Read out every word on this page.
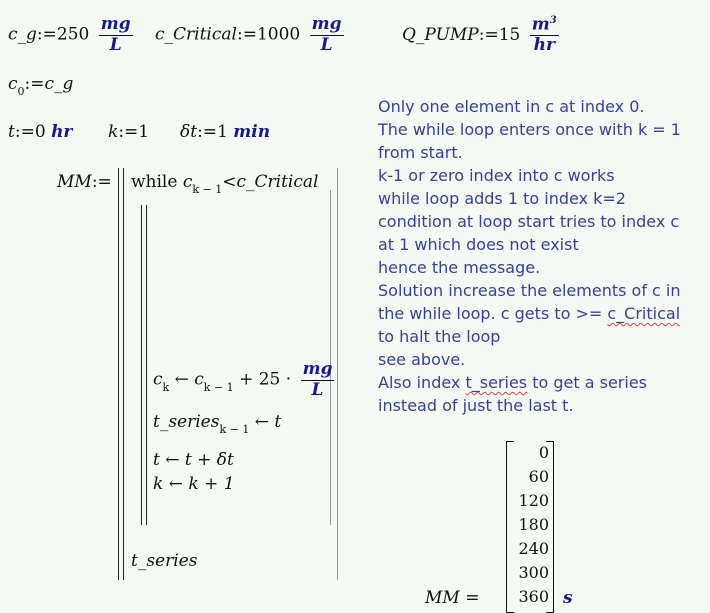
c_g:=250 $\frac{mg}{L}$ c_Critical:=1000 $\frac{mg}{L}$	Q_PUMP:=15 $\frac{m^3}{hr}$
$c_0:=c\_g$
t:=0 hr k:=1 δt:=1 min
MM:= while $c_{k - 1}<c\_Critical$
$c_k$ ← $c_{k - 1} + 25 \cdot \frac{mg}{L}$
t_series$_{k - 1}$ ← t
t ← t + δt
k ← k + 1
t_series
Only one element in c at index 0.
The while loop enters once with k = 1
from start.
k-1 or zero index into c works
while loop adds 1 to index k=2
condition at loop start tries to index c
at 1 which does not exist
hence the message.
Solution increase the elements of c in
the while loop. c gets to >= c_Critical
to halt the loop
see above.
Also index t_series to get a series
instead of just the last t.
MM =
0
60
120
180
240
300
360 s
